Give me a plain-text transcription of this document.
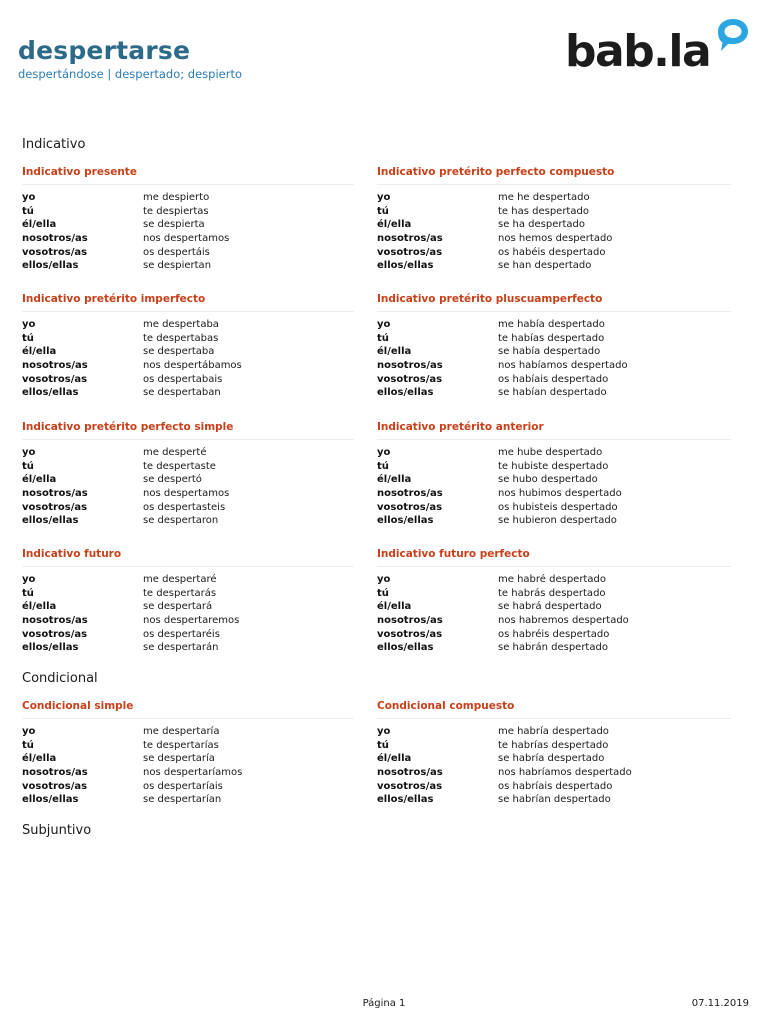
despertarse
despertándose | despertado; despierto	bab.la
Indicativo
Indicativo presente
yo	me despierto
tú	te despiertas
él/ella	se despierta
nosotros/as	nos despertamos
vosotros/as	os despertáis
ellos/ellas	se despiertan
Indicativo pretérito perfecto compuesto
yo	me he despertado
tú	te has despertado
él/ella	se ha despertado
nosotros/as	nos hemos despertado
vosotros/as	os habéis despertado
ellos/ellas	se han despertado
Indicativo pretérito imperfecto
yo	me despertaba
tú	te despertabas
él/ella	se despertaba
nosotros/as	nos despertábamos
vosotros/as	os despertabais
ellos/ellas	se despertaban
Indicativo pretérito pluscuamperfecto
yo	me había despertado
tú	te habías despertado
él/ella	se había despertado
nosotros/as	nos habíamos despertado
vosotros/as	os habíais despertado
ellos/ellas	se habían despertado
Indicativo pretérito perfecto simple
yo	me desperté
tú	te despertaste
él/ella	se despertó
nosotros/as	nos despertamos
vosotros/as	os despertasteis
ellos/ellas	se despertaron
Indicativo pretérito anterior
yo	me hube despertado
tú	te hubiste despertado
él/ella	se hubo despertado
nosotros/as	nos hubimos despertado
vosotros/as	os hubisteis despertado
ellos/ellas	se hubieron despertado
Indicativo futuro
yo	me despertaré
tú	te despertarás
él/ella	se despertará
nosotros/as	nos despertaremos
vosotros/as	os despertaréis
ellos/ellas	se despertarán
Indicativo futuro perfecto
yo	me habré despertado
tú	te habrás despertado
él/ella	se habrá despertado
nosotros/as	nos habremos despertado
vosotros/as	os habréis despertado
ellos/ellas	se habrán despertado
Condicional
Condicional simple
yo	me despertaría
tú	te despertarías
él/ella	se despertaría
nosotros/as	nos despertaríamos
vosotros/as	os despertaríais
ellos/ellas	se despertarían
Condicional compuesto
yo	me habría despertado
tú	te habrías despertado
él/ella	se habría despertado
nosotros/as	nos habríamos despertado
vosotros/as	os habríais despertado
ellos/ellas	se habrían despertado
Subjuntivo
Página 1	07.11.2019
